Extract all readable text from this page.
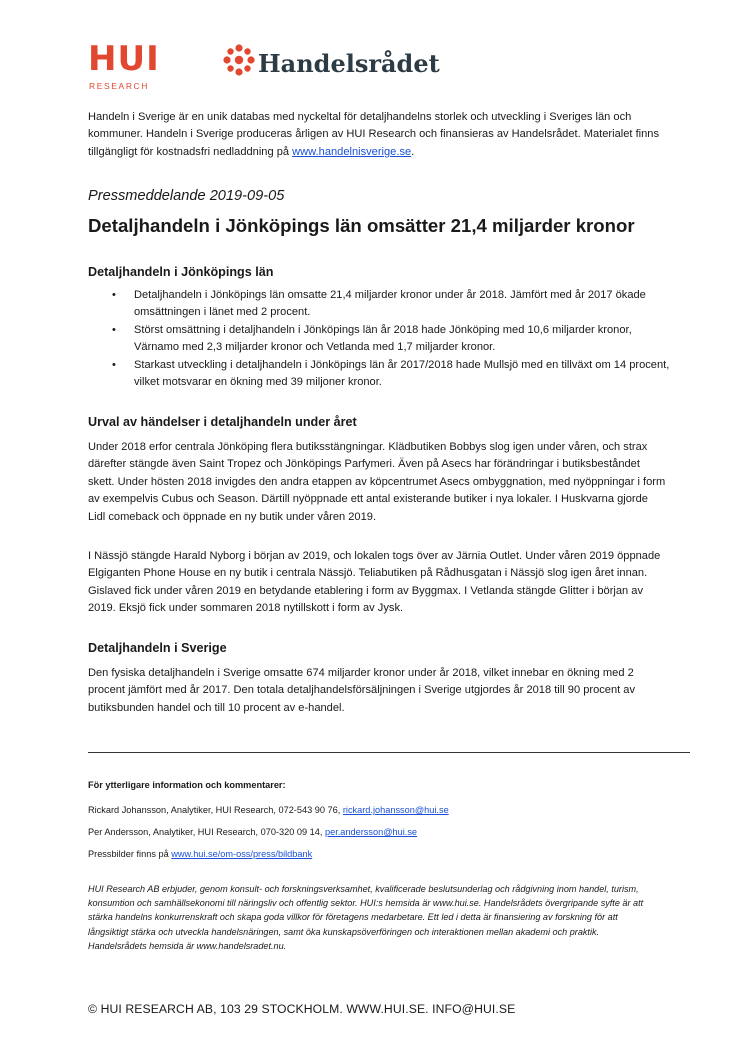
HUI
RESEARCH
Handelsrådet

Handeln i Sverige är en unik databas med nyckeltal för detaljhandelns storlek och utveckling i Sveriges län och kommuner. Handeln i Sverige produceras årligen av HUI Research och finansieras av Handelsrådet. Materialet finns tillgängligt för kostnadsfri nedladdning på www.handelnisverige.se.

Pressmeddelande 2019-09-05
Detaljhandeln i Jönköpings län omsätter 21,4 miljarder kronor
Detaljhandeln i Jönköpings län
• Detaljhandeln i Jönköpings län omsatte 21,4 miljarder kronor under år 2018. Jämfört med år 2017 ökade omsättningen i länet med 2 procent.
• Störst omsättning i detaljhandeln i Jönköpings län år 2018 hade Jönköping med 10,6 miljarder kronor, Värnamo med 2,3 miljarder kronor och Vetlanda med 1,7 miljarder kronor.
• Starkast utveckling i detaljhandeln i Jönköpings län år 2017/2018 hade Mullsjö med en tillväxt om 14 procent, vilket motsvarar en ökning med 39 miljoner kronor.
Urval av händelser i detaljhandeln under året

Under 2018 erfor centrala Jönköping flera butiksstängningar. Klädbutiken Bobbys slog igen under våren, och strax därefter stängde även Saint Tropez och Jönköpings Parfymeri. Även på Asecs har förändringar i butiksbeståndet skett. Under hösten 2018 invigdes den andra etappen av köpcentrumet Asecs ombyggnation, med nyöppningar i form av exempelvis Cubus och Season. Därtill nyöppnade ett antal existerande butiker i nya lokaler. I Huskvarna gjorde Lidl comeback och öppnade en ny butik under våren 2019.

I Nässjö stängde Harald Nyborg i början av 2019, och lokalen togs över av Järnia Outlet. Under våren 2019 öppnade Elgiganten Phone House en ny butik i centrala Nässjö. Teliabutiken på Rådhusgatan i Nässjö slog igen året innan. Gislaved fick under våren 2019 en betydande etablering i form av Byggmax. I Vetlanda stängde Glitter i början av 2019. Eksjö fick under sommaren 2018 nytillskott i form av Jysk.

Detaljhandeln i Sverige

Den fysiska detaljhandeln i Sverige omsatte 674 miljarder kronor under år 2018, vilket innebar en ökning med 2 procent jämfört med år 2017. Den totala detaljhandelsförsäljningen i Sverige utgjordes år 2018 till 90 procent av butiksbunden handel och till 10 procent av e-handel.

För ytterligare information och kommentarer:
Rickard Johansson, Analytiker, HUI Research, 072-543 90 76, rickard.johansson@hui.se
Per Andersson, Analytiker, HUI Research, 070-320 09 14, per.andersson@hui.se
Pressbilder finns på www.hui.se/om-oss/press/bildbank

HUI Research AB erbjuder, genom konsult- och forskningsverksamhet, kvalificerade beslutsunderlag och rådgivning inom handel, turism, konsumtion och samhällsekonomi till näringsliv och offentlig sektor. HUI:s hemsida är www.hui.se. Handelsrådets övergripande syfte är att stärka handelns konkurrenskraft och skapa goda villkor för företagens medarbetare. Ett led i detta är finansiering av forskning för att långsiktigt stärka och utveckla handelsnäringen, samt öka kunskapsöverföringen och interaktionen mellan akademi och praktik. Handelsrådets hemsida är www.handelsradet.nu.

© HUI RESEARCH AB, 103 29 STOCKHOLM. WWW.HUI.SE. INFO@HUI.SE
